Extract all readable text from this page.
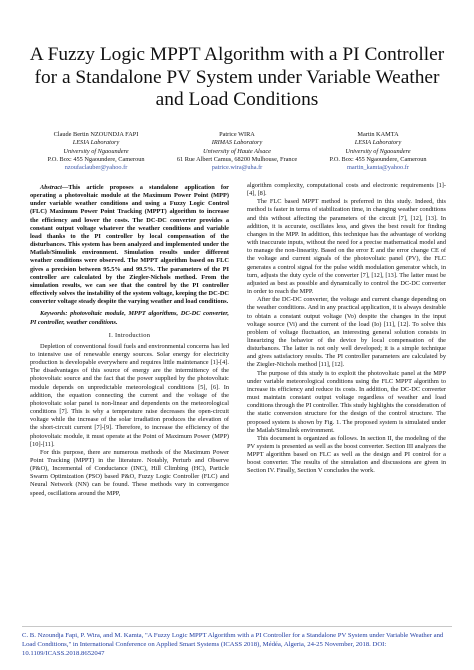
A Fuzzy Logic MPPT Algorithm with a PI Controller for a Standalone PV System under Variable Weather and Load Conditions
Claude Bertin NZOUNDJA FAPI
LESIA Laboratory
University of Ngaoundere
P.O. Box: 455 Ngaoundere, Cameroun
nzoufaclauber@yahoo.fr
Patrice WIRA
IRIMAS Laboratory
University of Haute Alsace
61 Rue Albert Camus, 68200 Mulhouse, France
patrice.wira@uha.fr
Martin KAMTA
LESIA Laboratory
University of Ngaoundere
P.O. Box: 455 Ngaoundere, Cameroun
martin_kamta@yahoo.fr

Abstract—This article proposes a standalone application for operating a photovoltaic module at the Maximum Power Point (MPP) under variable weather conditions and using a Fuzzy Logic Control (FLC) Maximum Power Point Tracking (MPPT) algorithm to increase the efficiency and lower the costs. The DC-DC converter provides a constant output voltage whatever the weather conditions and variable load thanks to the PI controller by local compensation of the disturbances. This system has been analyzed and implemented under the Matlab/Simulink environment. Simulation results under different weather conditions were observed. The MPPT algorithm based on FLC gives a precision between 95.5% and 99.5%. The parameters of the PI controller are calculated by the Ziegler-Nichols method. From the simulation results, we can see that the control by the PI controller effectively solves the instability of the system voltage, keeping the DC-DC converter voltage steady despite the varying weather and load conditions.

Keywords: photovoltaic module, MPPT algorithms, DC-DC converter, PI controller, weather conditions.

I. Introduction

Depletion of conventional fossil fuels and environmental concerns has led to intensive use of renewable energy sources. Solar energy for electricity production is developable everywhere and requires little maintenance [1]-[4]. The disadvantages of this source of energy are the intermittency of the photovoltaic source and the fact that the power supplied by the photovoltaic module depends on unpredictable meteorological conditions [5], [6]. In addition, the equation connecting the current and the voltage of the photovoltaic solar panel is non-linear and dependents on the meteorological conditions [7]. This is why a temperature raise decreases the open-circuit voltage while the increase of the solar irradiation produces the elevation of the short-circuit current [7]-[9]. Therefore, to increase the efficiency of the photovoltaic module, it must operate at the Point of Maximum Power (MPP) [10]-[11].

For this purpose, there are numerous methods of the Maximum Power Point Tracking (MPPT) in the literature. Notably, Perturb and Observe (P&O), Incremental of Conductance (INC), Hill Climbing (HC), Particle Swarm Optimization (PSO) based P&O, Fuzzy Logic Controller (FLC) and Neural Network (NN) can be found. These methods vary in convergence speed, oscillations around the MPP,

algorithm complexity, computational costs and electronic requirements [1]-[4], [8].

The FLC based MPPT method is preferred in this study. Indeed, this method is faster in terms of stabilization time, in changing weather conditions and this without affecting the parameters of the circuit [7], [12], [13]. In addition, it is accurate, oscillates less, and gives the best result for finding changes in the MPP. In addition, this technique has the advantage of working with inaccurate inputs, without the need for a precise mathematical model and to manage the non-linearity. Based on the error E and the error change CE of the voltage and current signals of the photovoltaic panel (PV), the FLC generates a control signal for the pulse width modulation generator which, in turn, adjusts the duty cycle of the converter [7], [12], [13]. The latter must be adjusted as best as possible and dynamically to control the DC-DC converter in order to reach the MPP.

After the DC-DC converter, the voltage and current change depending on the weather conditions. And in any practical application, it is always desirable to obtain a constant output voltage (Vo) despite the changes in the input voltage source (Vi) and the current of the load (Io) [11], [12]. To solve this problem of voltage fluctuation, an interesting general solution consists in linearizing the behavior of the device by local compensation of the disturbances. The latter is not only well developed; it is a simple technique and gives satisfactory results. The PI controller parameters are calculated by the Ziegler-Nichols method [11], [12].

The purpose of this study is to exploit the photovoltaic panel at the MPP under variable meteorological conditions using the FLC MPPT algorithm to increase its efficiency and reduce its costs. In addition, the DC-DC converter must maintain constant output voltage regardless of weather and load conditions through the PI controller. This study highlights the consideration of the static conversion structure for the design of the control structure. The proposed system is shown by Fig. 1. The proposed system is simulated under the Matlab/Simulink environment.

This document is organized as follows. In section II, the modeling of the PV system is presented as well as the boost converter. Section III analyzes the MPPT algorithm based on FLC as well as the design and PI control for a boost converter. The results of the simulation and discussions are given in Section IV. Finally, Section V concludes the work.

C. B. Nzoundja Fapi, P. Wira, and M. Kamta, "A Fuzzy Logic MPPT Algorithm with a PI Controller for a Standalone PV System under Variable Weather and Load Conditions," in International Conference on Applied Smart Systems (ICASS 2018), Médéa, Algeria, 24-25 November, 2018. DOI: 10.1109/ICASS.2018.8652047
